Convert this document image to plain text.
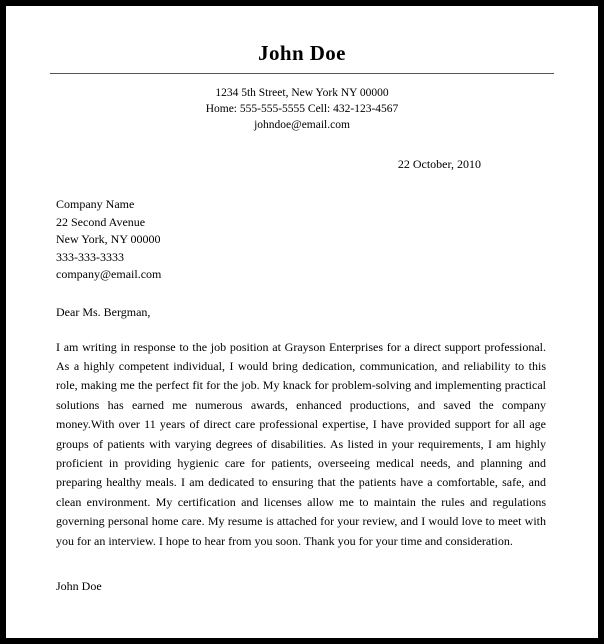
John Doe
1234 5th Street, New York NY 00000
Home: 555-555-5555 Cell: 432-123-4567
johndoe@email.com
22 October, 2010
Company Name
22 Second Avenue
New York, NY 00000
333-333-3333
company@email.com
Dear Ms. Bergman,
I am writing in response to the job position at Grayson Enterprises for a direct support professional. As a highly competent individual, I would bring dedication, communication, and reliability to this role, making me the perfect fit for the job. My knack for problem-solving and implementing practical solutions has earned me numerous awards, enhanced productions, and saved the company money.With over 11 years of direct care professional expertise, I have provided support for all age groups of patients with varying degrees of disabilities. As listed in your requirements, I am highly proficient in providing hygienic care for patients, overseeing medical needs, and planning and preparing healthy meals. I am dedicated to ensuring that the patients have a comfortable, safe, and clean environment. My certification and licenses allow me to maintain the rules and regulations governing personal home care. My resume is attached for your review, and I would love to meet with you for an interview. I hope to hear from you soon. Thank you for your time and consideration.
John Doe
